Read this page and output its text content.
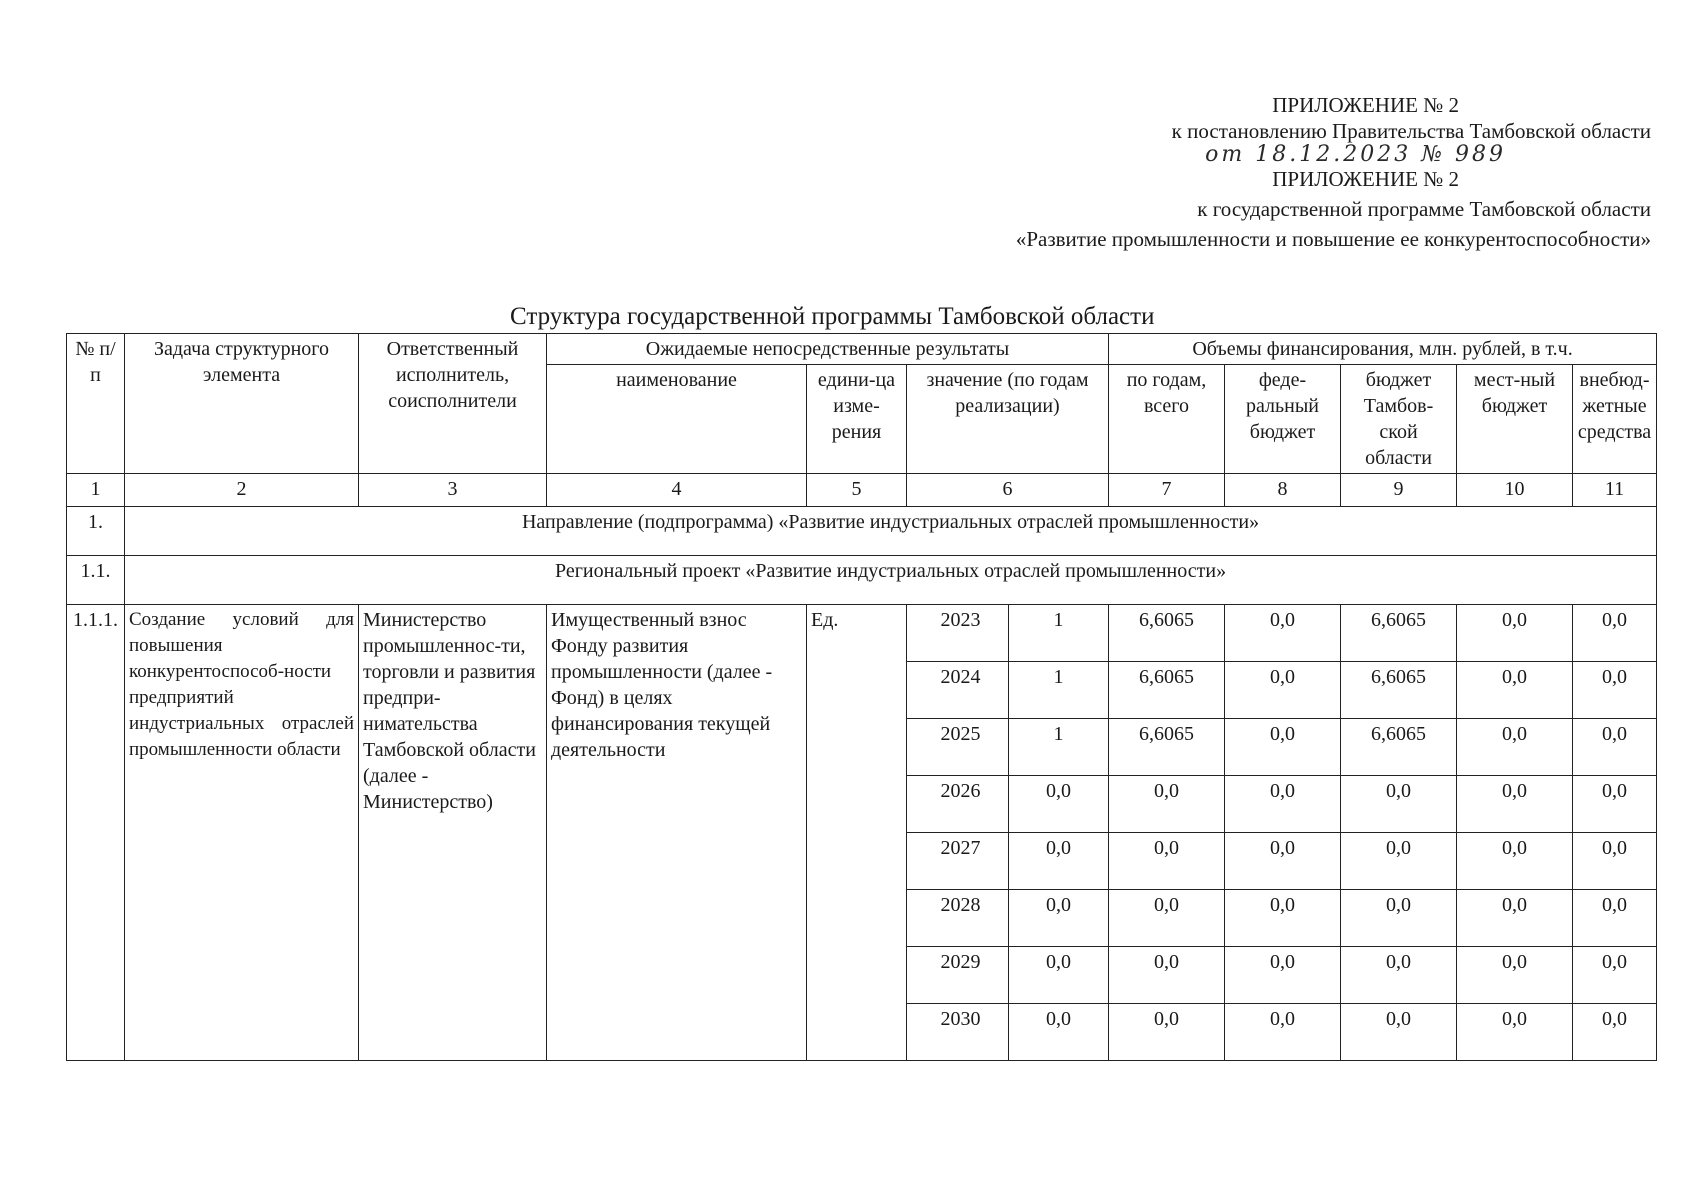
ПРИЛОЖЕНИЕ № 2
к постановлению Правительства Тамбовской области
от 18.12.2023 № 989
ПРИЛОЖЕНИЕ № 2
к государственной программе Тамбовской области
«Развитие промышленности и повышение ее конкурентоспособности»
Структура государственной программы Тамбовской области
№ п/п	Задача структурного элемента	Ответственный исполнитель, соисполнители	Ожидаемые непосредственные результаты				Объемы финансирования, млн. рублей, в т.ч.				
			наименование	едини-ца изме-рения	значение (по годам реализации)		по годам, всего	феде-ральный бюджет	бюджет Тамбов-ской области	мест-ный бюджет	внебюд-жетные средства
1	2	3	4	5	6		7	8	9	10	11
1.	Направление (подпрограмма) «Развитие индустриальных отраслей промышленности»										
1.1.	Региональный проект «Развитие индустриальных отраслей промышленности»										
1.1.1.	Создание условий для повышения конкурентоспособ-ности предприятий индустриальных отраслей промышленности области	Министерство промышленнос-ти, торговли и развития предпри-нимательства Тамбовской области (далее - Министерство)	Имущественный взнос Фонду развития промышленности (далее - Фонд) в целях финансирования текущей деятельности	Ед.	2023	1	6,6065	0,0	6,6065	0,0	0,0
					2024	1	6,6065	0,0	6,6065	0,0	0,0
					2025	1	6,6065	0,0	6,6065	0,0	0,0
					2026	0,0	0,0	0,0	0,0	0,0	0,0
					2027	0,0	0,0	0,0	0,0	0,0	0,0
					2028	0,0	0,0	0,0	0,0	0,0	0,0
					2029	0,0	0,0	0,0	0,0	0,0	0,0
					2030	0,0	0,0	0,0	0,0	0,0	0,0
